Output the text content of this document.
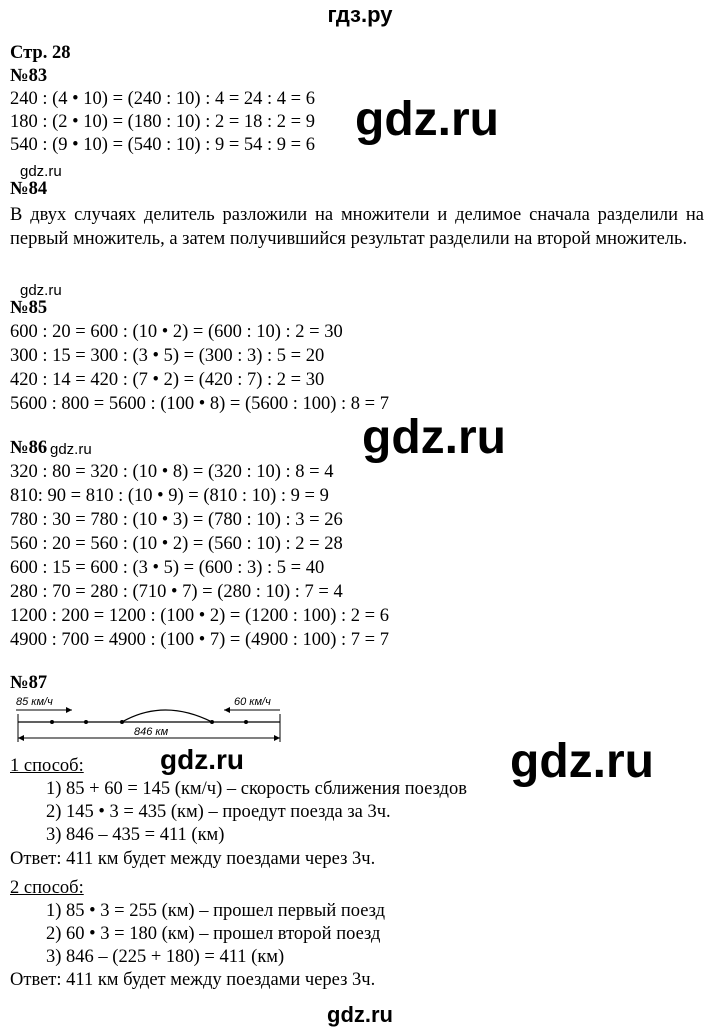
гдз.ру
Стр. 28
№83
240 : (4 • 10) = (240 : 10) : 4 = 24 : 4 = 6
180 : (2 • 10) = (180 : 10) : 2 = 18 : 2 = 9
540 : (9 • 10) = (540 : 10) : 9 = 54 : 9 = 6 gdz.ru
gdz.ru
№84
В двух случаях делитель разложили на множители и делимое сначала разделили на первый множитель, а затем получившийся результат разделили на второй множитель.
gdz.ru
№85
600 : 20 = 600 : (10 • 2) = (600 : 10) : 2 = 30
300 : 15 = 300 : (3 • 5) = (300 : 3) : 5 = 20
420 : 14 = 420 : (7 • 2) = (420 : 7) : 2 = 30
5600 : 800 = 5600 : (100 • 8) = (5600 : 100) : 8 = 7
gdz.ru
№86 gdz.ru
320 : 80 = 320 : (10 • 8) = (320 : 10) : 8 = 4
810: 90 = 810 : (10 • 9) = (810 : 10) : 9 = 9
780 : 30 = 780 : (10 • 3) = (780 : 10) : 3 = 26
560 : 20 = 560 : (10 • 2) = (560 : 10) : 2 = 28
600 : 15 = 600 : (3 • 5) = (600 : 3) : 5 = 40
280 : 70 = 280 : (710 • 7) = (280 : 10) : 7 = 4
1200 : 200 = 1200 : (100 • 2) = (1200 : 100) : 2 = 6
4900 : 700 = 4900 : (100 • 7) = (4900 : 100) : 7 = 7
№87
85 км/ч	60 км/ч
846 км
gdz.ru	gdz.ru
1 способ:
1) 85 + 60 = 145 (км/ч) – скорость сближения поездов
2) 145 • 3 = 435 (км) – проедут поезда за 3ч.
3) 846 – 435 = 411 (км)
Ответ: 411 км будет между поездами через 3ч.
2 способ:
1) 85 • 3 = 255 (км) – прошел первый поезд
2) 60 • 3 = 180 (км) – прошел второй поезд
3) 846 – (225 + 180) = 411 (км)
Ответ: 411 км будет между поездами через 3ч.
gdz.ru
